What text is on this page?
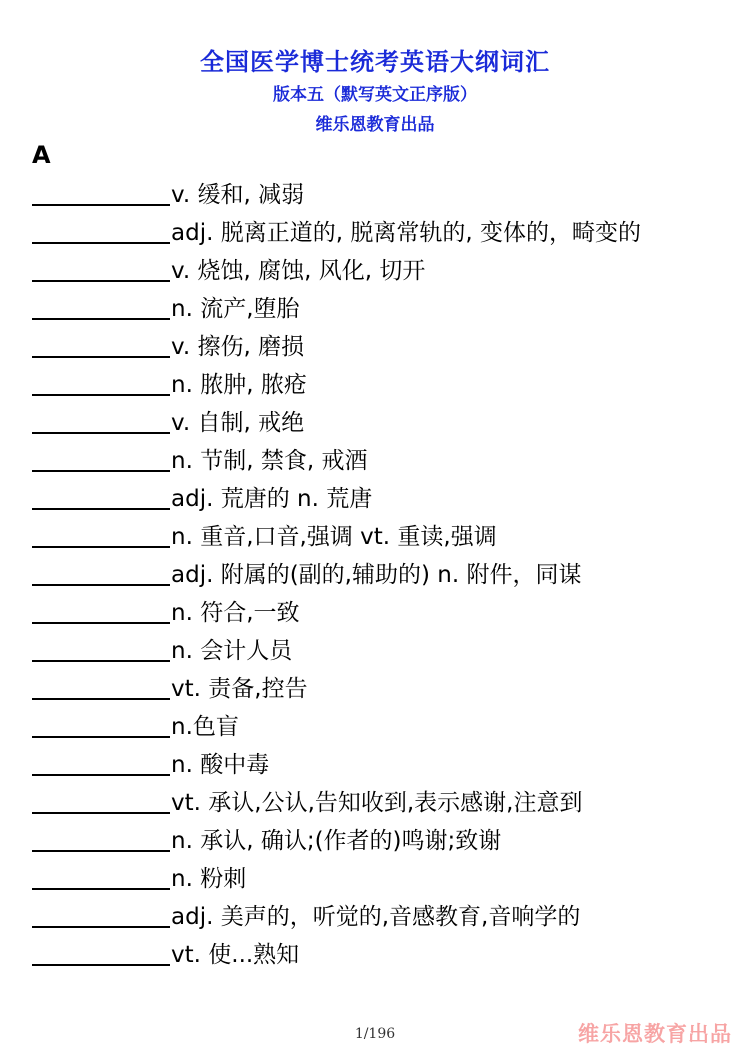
全国医学博士统考英语大纲词汇
版本五（默写英文正序版）
维乐恩教育出品
A
v. 缓和, 减弱
adj. 脱离正道的, 脱离常轨的, 变体的，畸变的
v. 烧蚀, 腐蚀, 风化, 切开
n. 流产,堕胎
v. 擦伤, 磨损
n. 脓肿, 脓疮
v. 自制, 戒绝
n. 节制, 禁食, 戒酒
adj. 荒唐的 n. 荒唐
n. 重音,口音,强调 vt. 重读,强调
adj. 附属的(副的,辅助的) n. 附件，同谋
n. 符合,一致
n. 会计人员
vt. 责备,控告
n.色盲
n. 酸中毒
vt. 承认,公认,告知收到,表示感谢,注意到
n. 承认, 确认;(作者的)鸣谢;致谢
n. 粉刺
adj. 美声的，听觉的,音感教育,音响学的
vt. 使...熟知
1/196	维乐恩教育出品
